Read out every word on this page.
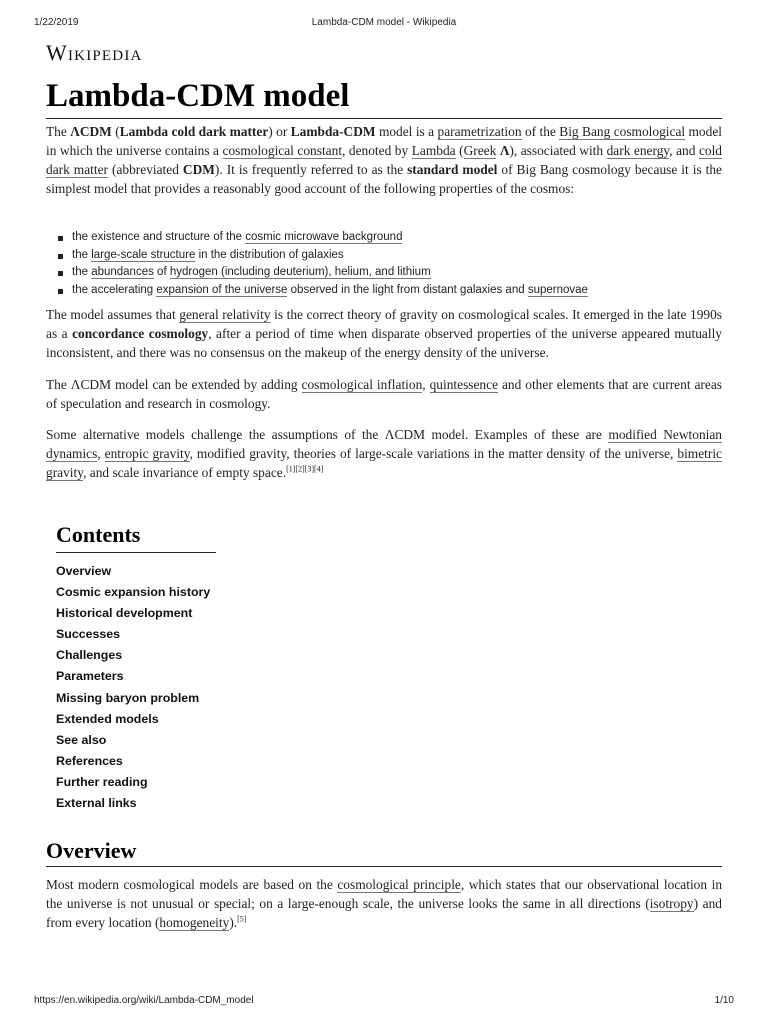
1/22/2019	Lambda-CDM model - Wikipedia
Wikipedia
Lambda-CDM model

The ΛCDM (Lambda cold dark matter) or Lambda-CDM model is a parametrization of the Big Bang cosmological model in which the universe contains a cosmological constant, denoted by Lambda (Greek Λ), associated with dark energy, and cold dark matter (abbreviated CDM). It is frequently referred to as the standard model of Big Bang cosmology because it is the simplest model that provides a reasonably good account of the following properties of the cosmos:

the existence and structure of the cosmic microwave background
the large-scale structure in the distribution of galaxies
the abundances of hydrogen (including deuterium), helium, and lithium
the accelerating expansion of the universe observed in the light from distant galaxies and supernovae

The model assumes that general relativity is the correct theory of gravity on cosmological scales. It emerged in the late 1990s as a concordance cosmology, after a period of time when disparate observed properties of the universe appeared mutually inconsistent, and there was no consensus on the makeup of the energy density of the universe.

The ΛCDM model can be extended by adding cosmological inflation, quintessence and other elements that are current areas of speculation and research in cosmology.

Some alternative models challenge the assumptions of the ΛCDM model. Examples of these are modified Newtonian dynamics, entropic gravity, modified gravity, theories of large-scale variations in the matter density of the universe, bimetric gravity, and scale invariance of empty space.[1][2][3][4]

Contents
Overview
Cosmic expansion history
Historical development
Successes
Challenges
Parameters
Missing baryon problem
Extended models
See also
References
Further reading
External links
Overview

Most modern cosmological models are based on the cosmological principle, which states that our observational location in the universe is not unusual or special; on a large-enough scale, the universe looks the same in all directions (isotropy) and from every location (homogeneity).[5]

https://en.wikipedia.org/wiki/Lambda-CDM_model	1/10
